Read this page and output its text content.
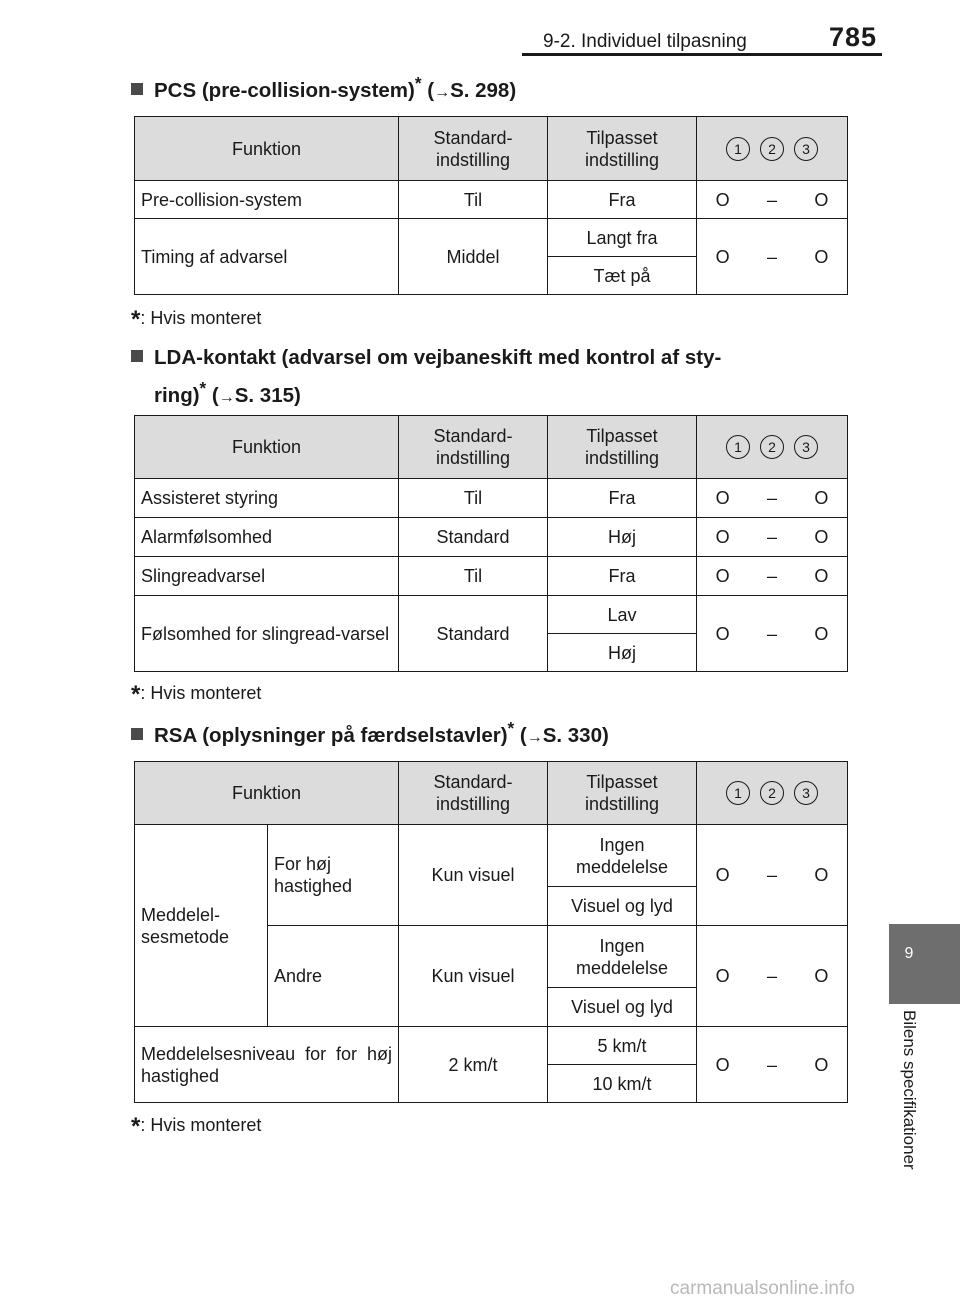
9-2. Individuel tilpasning	785
9
Bilens specifikationer
PCS (pre-collision-system)* (→S. 298)
Funktion	Standard-indstilling	Tilpasset indstilling	1 2 3
Pre-collision-system	Til	Fra	O – O

Timing af advarsel	Middel	Langt fra	O – O

		Tæt på	
*: Hvis monteret
LDA-kontakt (advarsel om vejbaneskift med kontrol af sty-
ring)* (→S. 315)
Funktion	Standard-indstilling	Tilpasset indstilling	1 2 3
Assisteret styring	Til	Fra	O – O

Alarmfølsomhed	Standard	Høj	O – O

Slingreadvarsel	Til	Fra	O – O

Følsomhed for slingread-varsel	Standard	Lav	O – O

		Høj	
*: Hvis monteret
RSA (oplysninger på færdselstavler)* (→S. 330)
Funktion		Standard-indstilling	Tilpasset indstilling	1 2 3
Meddelel-sesmetode	For høj hastighed	Kun visuel	Ingen meddelelse	O – O

			Visuel og lyd	
	Andre	Kun visuel	Ingen meddelelse	O – O

			Visuel og lyd	
Meddelelsesniveau for for høj hastighed		2 km/t	5 km/t	O – O

			10 km/t	
*: Hvis monteret
carmanualsonline.info
